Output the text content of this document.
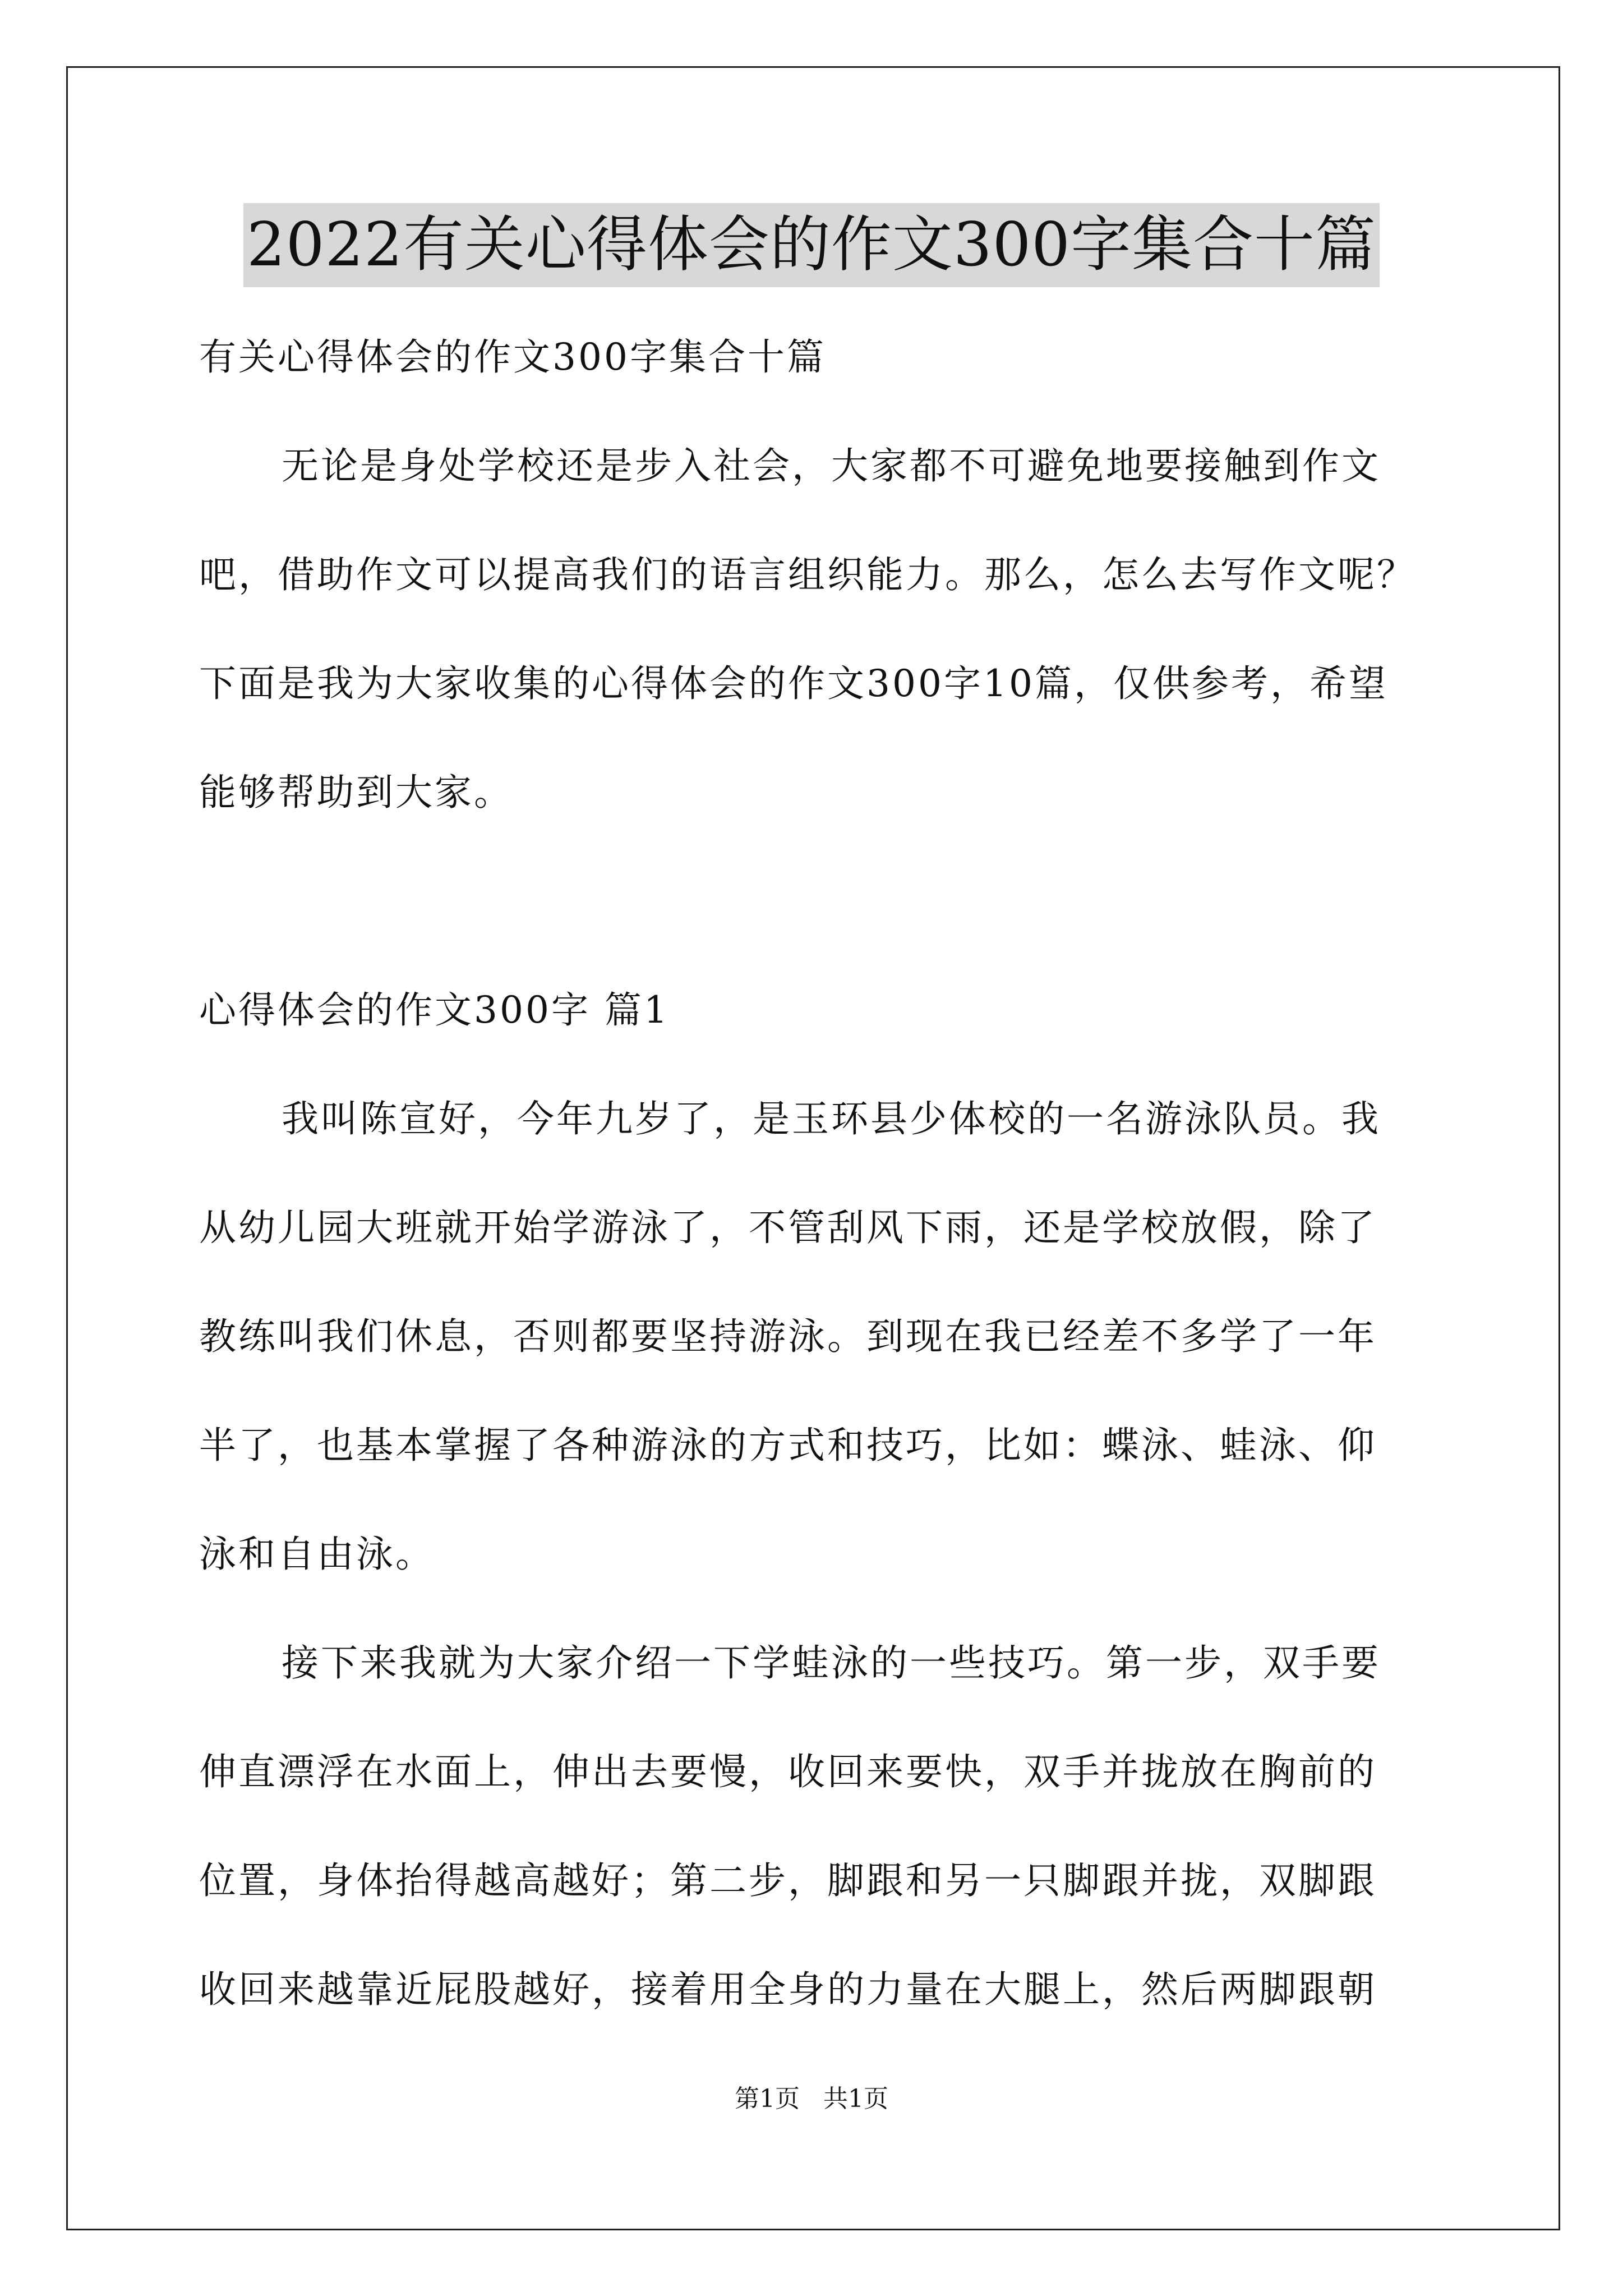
2022有关心得体会的作文300字集合十篇
有关心得体会的作文300字集合十篇
无论是身处学校还是步入社会，大家都不可避免地要接触到作文
吧，借助作文可以提高我们的语言组织能力。那么，怎么去写作文呢？
下面是我为大家收集的心得体会的作文300字10篇，仅供参考，希望
能够帮助到大家。
心得体会的作文300字 篇1
我叫陈宣好，今年九岁了，是玉环县少体校的一名游泳队员。我
从幼儿园大班就开始学游泳了，不管刮风下雨，还是学校放假，除了
教练叫我们休息，否则都要坚持游泳。到现在我已经差不多学了一年
半了，也基本掌握了各种游泳的方式和技巧，比如：蝶泳、蛙泳、仰
泳和自由泳。
接下来我就为大家介绍一下学蛙泳的一些技巧。第一步，双手要
伸直漂浮在水面上，伸出去要慢，收回来要快，双手并拢放在胸前的
位置，身体抬得越高越好；第二步，脚跟和另一只脚跟并拢，双脚跟
收回来越靠近屁股越好，接着用全身的力量在大腿上，然后两脚跟朝
第1页   共1页
